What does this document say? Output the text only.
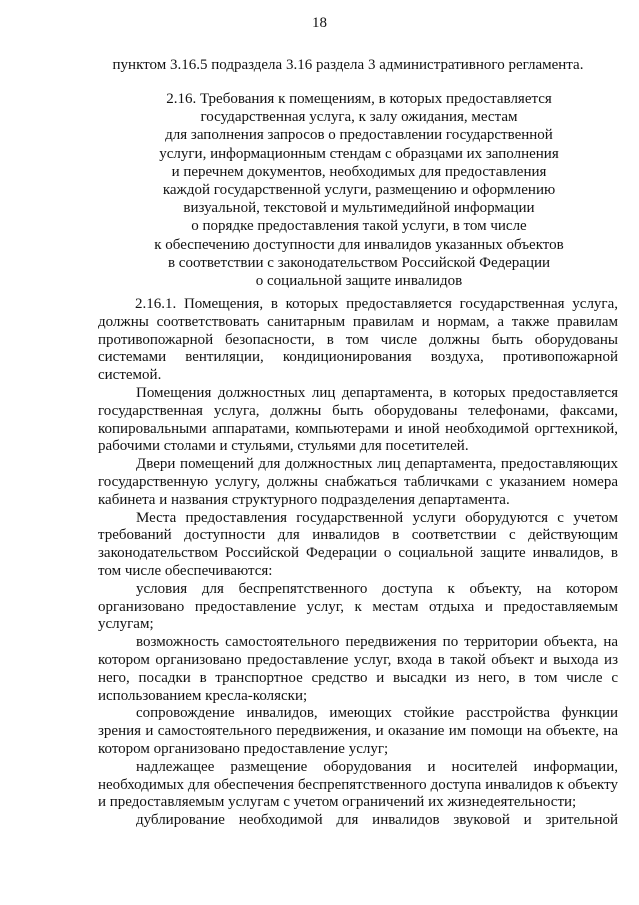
18
пунктом 3.16.5 подраздела 3.16 раздела 3 административного регламента.
2.16. Требования к помещениям, в которых предоставляется
государственная услуга, к залу ожидания, местам
для заполнения запросов о предоставлении государственной
услуги, информационным стендам с образцами их заполнения
и перечнем документов, необходимых для предоставления
каждой государственной услуги, размещению и оформлению
визуальной, текстовой и мультимедийной информации
о порядке предоставления такой услуги, в том числе
к обеспечению доступности для инвалидов указанных объектов
в соответствии с законодательством Российской Федерации
о социальной защите инвалидов

2.16.1. Помещения, в которых предоставляется государственная услуга, должны соответствовать санитарным правилам и нормам, а также правилам противопожарной безопасности, в том числе должны быть оборудованы системами вентиляции, кондиционирования воздуха, противопожарной системой.

Помещения должностных лиц департамента, в которых предоставляется государственная услуга, должны быть оборудованы телефонами, факсами, копировальными аппаратами, компьютерами и иной необходимой оргтехникой, рабочими столами и стульями, стульями для посетителей.

Двери помещений для должностных лиц департамента, предоставляющих государственную услугу, должны снабжаться табличками с указанием номера кабинета и названия структурного подразделения департамента.

Места предоставления государственной услуги оборудуются с учетом требований доступности для инвалидов в соответствии с действующим законодательством Российской Федерации о социальной защите инвалидов, в том числе обеспечиваются:

условия для беспрепятственного доступа к объекту, на котором организовано предоставление услуг, к местам отдыха и предоставляемым услугам;

возможность самостоятельного передвижения по территории объекта, на котором организовано предоставление услуг, входа в такой объект и выхода из него, посадки в транспортное средство и высадки из него, в том числе с использованием кресла-коляски;

сопровождение инвалидов, имеющих стойкие расстройства функции зрения и самостоятельного передвижения, и оказание им помощи на объекте, на котором организовано предоставление услуг;

надлежащее размещение оборудования и носителей информации, необходимых для обеспечения беспрепятственного доступа инвалидов к объекту и предоставляемым услугам с учетом ограничений их жизнедеятельности;

дублирование необходимой для инвалидов звуковой и зрительной
